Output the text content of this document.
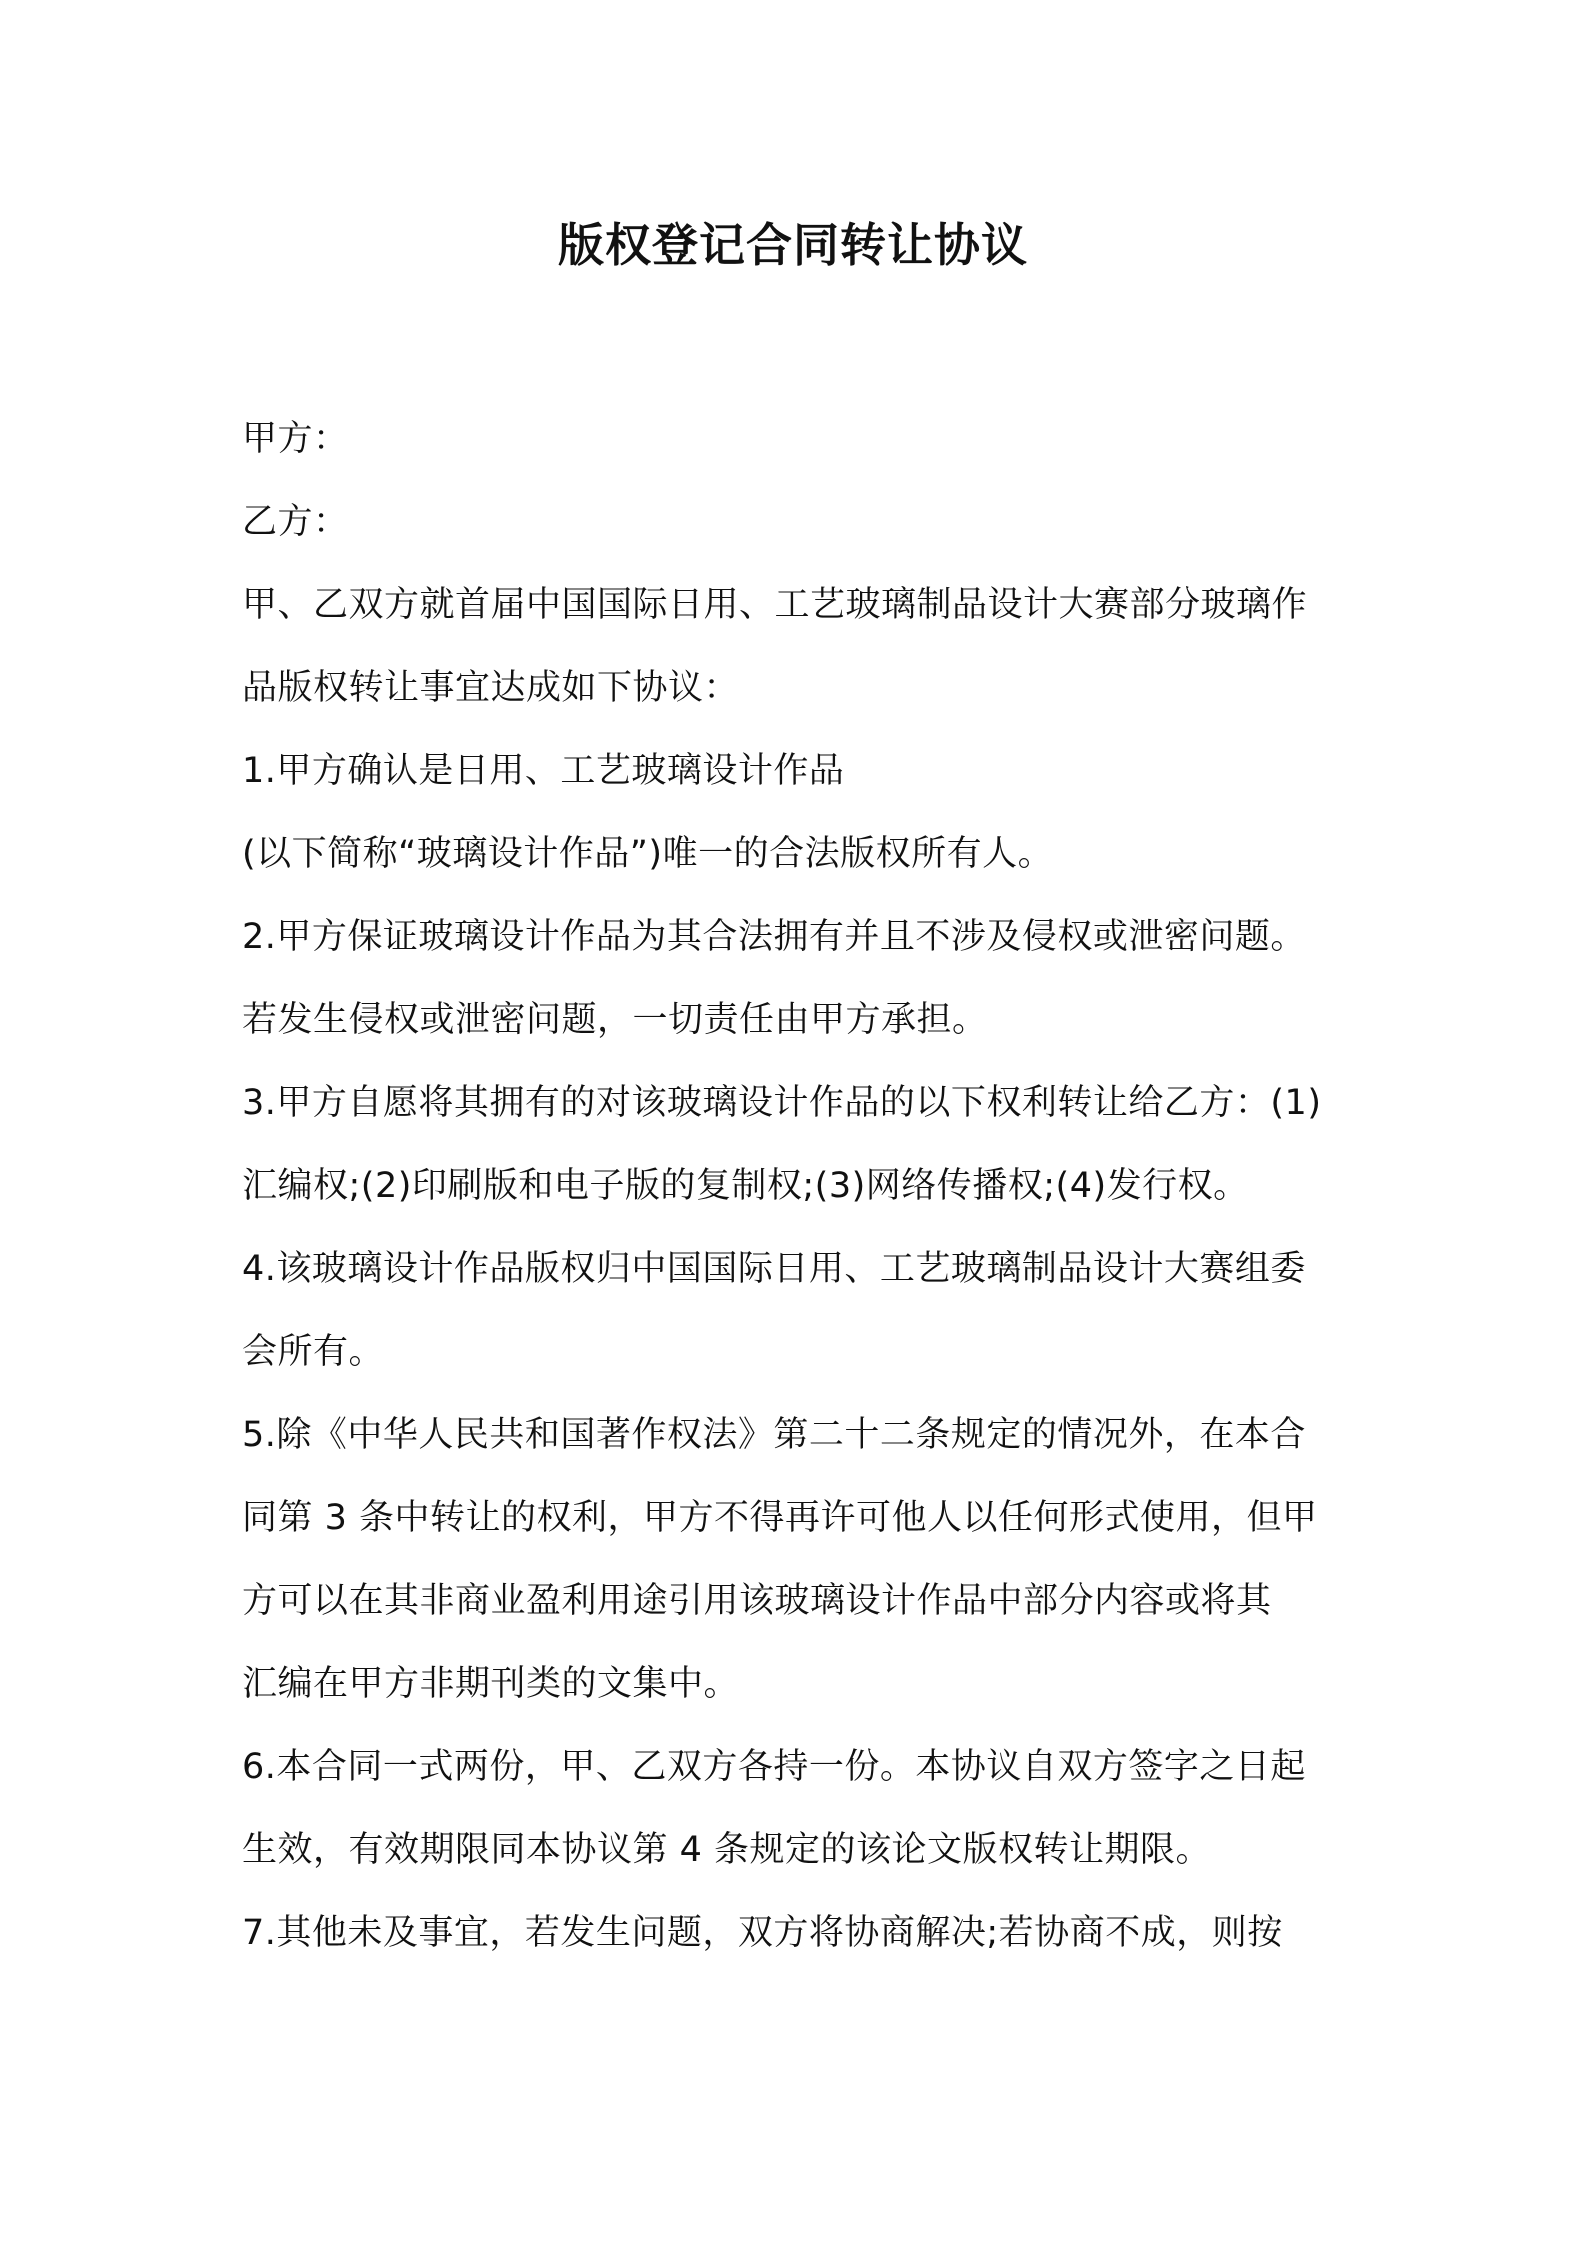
版权登记合同转让协议
甲方：
乙方：
甲、乙双方就首届中国国际日用、工艺玻璃制品设计大赛部分玻璃作
品版权转让事宜达成如下协议：
1.甲方确认是日用、工艺玻璃设计作品
(以下简称“玻璃设计作品”)唯一的合法版权所有人。
2.甲方保证玻璃设计作品为其合法拥有并且不涉及侵权或泄密问题。
若发生侵权或泄密问题，一切责任由甲方承担。
3.甲方自愿将其拥有的对该玻璃设计作品的以下权利转让给乙方：(1)
汇编权;(2)印刷版和电子版的复制权;(3)网络传播权;(4)发行权。
4.该玻璃设计作品版权归中国国际日用、工艺玻璃制品设计大赛组委
会所有。
5.除《中华人民共和国著作权法》第二十二条规定的情况外，在本合
同第 3 条中转让的权利，甲方不得再许可他人以任何形式使用，但甲
方可以在其非商业盈利用途引用该玻璃设计作品中部分内容或将其
汇编在甲方非期刊类的文集中。
6.本合同一式两份，甲、乙双方各持一份。本协议自双方签字之日起
生效，有效期限同本协议第 4 条规定的该论文版权转让期限。
7.其他未及事宜，若发生问题，双方将协商解决;若协商不成，则按
